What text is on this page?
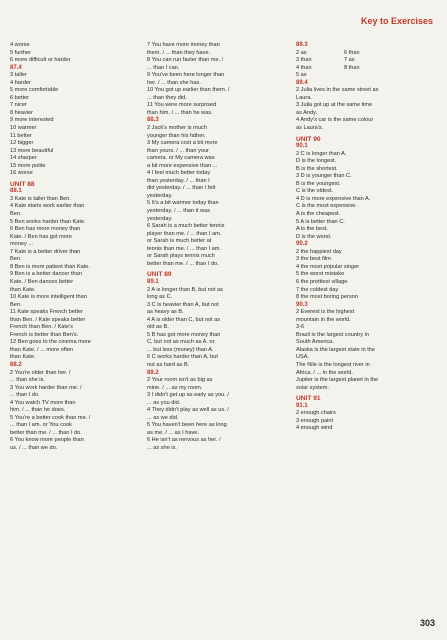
Key to Exercises
4 worse
5 further
6 more difficult or harder
87.4
3 taller
4 harder
5 more comfortable
6 better
7 nicer
8 heavier
9 more interested
10 warmer
11 better
12 bigger
13 more beautiful
14 sharper
15 more polite
16 worse
UNIT 88
88.1
3 Kate is taller than Ben.
4 Kate starts work earlier than
Ben.
5 Ben works harder than Kate.
6 Ben has more money than
Kate. / Ben has got more
money ...
7 Kate is a better driver than
Ben.
8 Ben is more patient than Kate.
9 Ben is a better dancer than
Kate. / Ben dances better
than Kate.
10 Kate is more intelligent than
Ben.
11 Kate speaks French better
than Ben. / Kate speaks better
French than Ben. / Kate's
French is better than Ben's.
12 Ben goes to the cinema more
than Kate. / ... more often
than Kate.
88.2
2 You're older than her. /
... than she is.
3 You work harder than me. /
... than I do.
4 You watch TV more than
him. / ... than he does.
5 You're a better cook than me. /
... than I am. or You cook
better than me. / ... than I do.
6 You know more people than
us. / ... than we do.
7 You have more money than
them. / ... than they have.
8 You can run faster than me. /
... than I can.
9 You've been here longer than
her. / ... than she has.
10 You got up earlier than them. /
... than they did.
11 You were more surprised
than him. / ... than he was.
88.3
2 Jack's mother is much
younger than his father.
3 My camera cost a bit more
than yours. / ... than your
camera. or My camera was
a bit more expensive than ...
4 I feel much better today
than yesterday. / ... than I
did yesterday. / ... than I felt
yesterday.
5 It's a bit warmer today than
yesterday. / ... than it was
yesterday.
6 Sarah is a much better tennis
player than me. / ... than I am.
or Sarah is much better at
tennis than me. / ... than I am.
or Sarah plays tennis much
better than me. / ... than I do.
UNIT 89
89.1
2 A is longer than B, but not as
long as C.
3 C is heavier than A, but not
as heavy as B.
4 A is older than C, but not as
old as B.
5 B has got more money than
C, but not as much as A. or
... but less (money) than A.
6 C works harder than A, but
not as hard as B.
89.2
2 Your room isn't as big as
mine. / ... as my room.
3 I didn't get up as early as you. /
... as you did.
4 They didn't play as well as us. /
... as we did.
5 You haven't been here as long
as me. / ... as I have.
6 He isn't as nervous as her. /
... as she is.
89.3
2 as	6 than
3 than	7 as
4 than	8 than
5 as
89.4
2 Julia lives in the same street as
Laura.
3 Julia got up at the same time
as Andy.
4 Andy's car is the same colour
as Laura's.
UNIT 90
90.1
2 C is longer than A.
D is the longest.
B is the shortest.
3 D is younger than C.
B is the youngest.
C is the oldest.
4 D is more expensive than A.
C is the most expensive.
A is the cheapest.
5 A is better than C.
A is the best.
D is the worst.
90.2
2 the happiest day
3 the best film
4 the most popular singer
5 the worst mistake
6 the prettiest village
7 the coldest day
8 the most boring person
90.3
2 Everest is the highest
mountain in the world.
3-6
Brazil is the largest country in
South America.
Alaska is the largest state in the
USA.
The Nile is the longest river in
Africa. / ... in the world.
Jupiter is the largest planet in the
solar system.
UNIT 91
91.1
2 enough chairs
3 enough paint
4 enough wind
303
